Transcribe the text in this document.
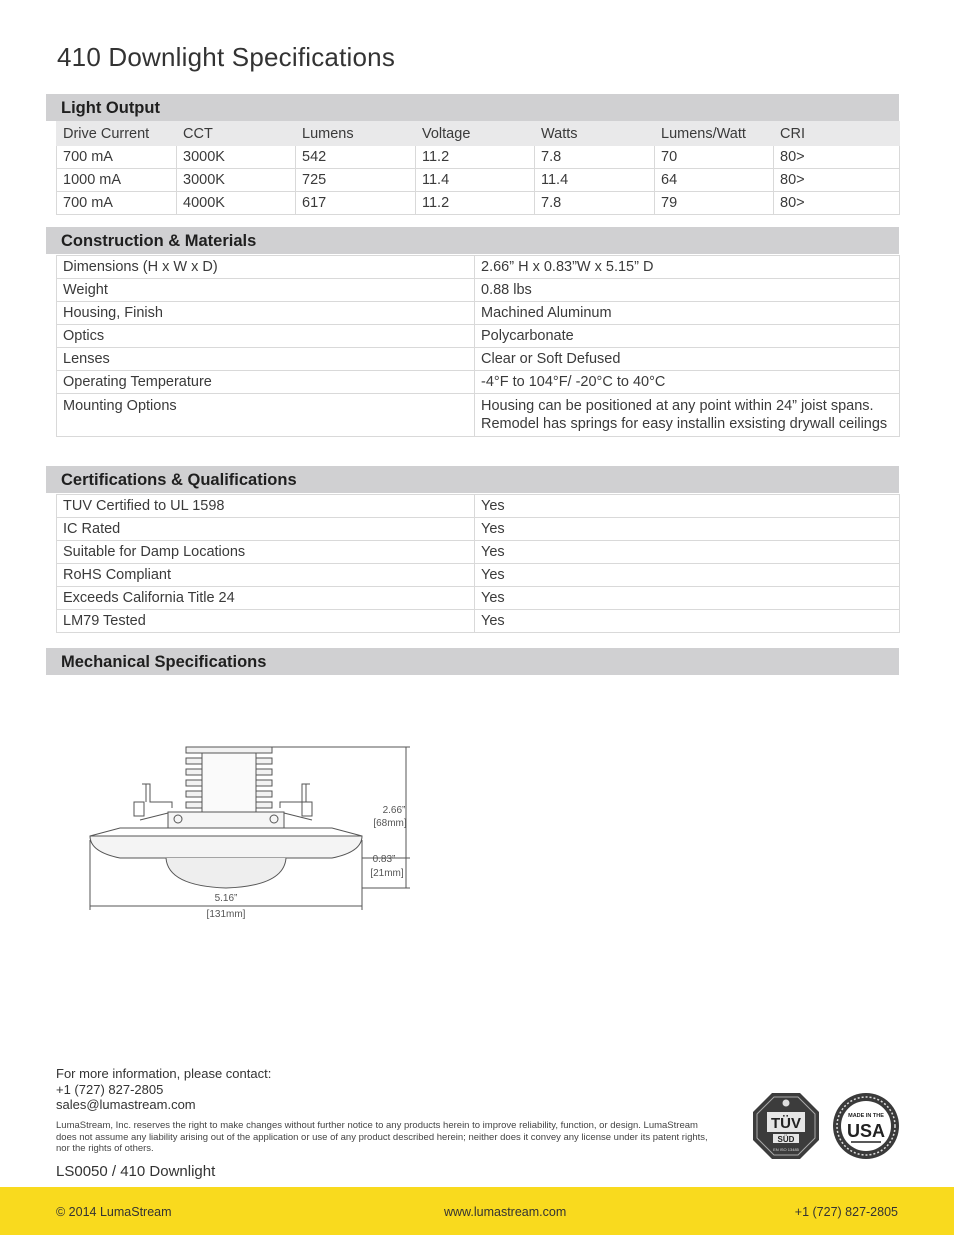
410 Downlight Specifications
Light Output
Drive Current	CCT	Lumens	Voltage	Watts	Lumens/Watt	CRI
700 mA	3000K	542	11.2	7.8	70	80>
1000 mA	3000K	725	11.4	11.4	64	80>
700 mA	4000K	617	11.2	7.8	79	80>
Construction & Materials
Dimensions (H x W x D)	2.66” H x 0.83”W x 5.15” D
Weight	0.88 lbs
Housing, Finish	Machined Aluminum
Optics	Polycarbonate
Lenses	Clear or Soft Defused
Operating Temperature	-4°F to 104°F/ -20°C to 40°C
Mounting Options	Housing can be positioned at any point within 24” joist spans. Remodel has springs for easy installin exsisting drywall ceilings
Certifications & Qualifications
TUV Certified to UL 1598	Yes
IC Rated	Yes
Suitable for Damp Locations	Yes
RoHS Compliant	Yes
Exceeds California Title 24	Yes
LM79 Tested	Yes
Mechanical Specifications
2.66”
[68mm]
0.83”
[21mm]
5.16”
[131mm]
For more information, please contact:
+1 (727) 827-2805
sales@lumastream.com
LumaStream, Inc. reserves the right to make changes without further notice to any products herein to improve reliability, function, or design. LumaStream does not assume any liability arising out of the application or use of any product described herein; neither does it convey any license under its patent rights, nor the rights of others.
LS0050 / 410 Downlight
TÜV
SÜD
EN ISO 13485
MADE IN THE
USA
© 2014 LumaStream	www.lumastream.com	+1 (727) 827-2805
